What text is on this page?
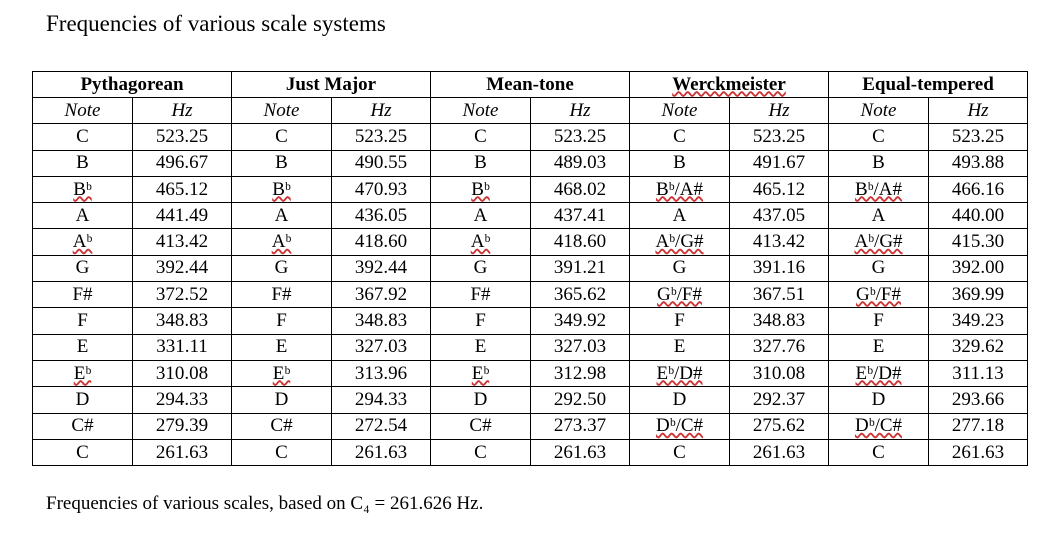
Frequencies of various scale systems
Pythagorean		Just Major		Mean-tone		Werckmeister		Equal-tempered	
Note	Hz	Note	Hz	Note	Hz	Note	Hz	Note	Hz
C	523.25	C	523.25	C	523.25	C	523.25	C	523.25
B	496.67	B	490.55	B	489.03	B	491.67	B	493.88
Bᵇ	465.12	Bᵇ	470.93	Bᵇ	468.02	Bᵇ/A#	465.12	Bᵇ/A#	466.16
A	441.49	A	436.05	A	437.41	A	437.05	A	440.00
Aᵇ	413.42	Aᵇ	418.60	Aᵇ	418.60	Aᵇ/G#	413.42	Aᵇ/G#	415.30
G	392.44	G	392.44	G	391.21	G	391.16	G	392.00
F#	372.52	F#	367.92	F#	365.62	Gᵇ/F#	367.51	Gᵇ/F#	369.99
F	348.83	F	348.83	F	349.92	F	348.83	F	349.23
E	331.11	E	327.03	E	327.03	E	327.76	E	329.62
Eᵇ	310.08	Eᵇ	313.96	Eᵇ	312.98	Eᵇ/D#	310.08	Eᵇ/D#	311.13
D	294.33	D	294.33	D	292.50	D	292.37	D	293.66
C#	279.39	C#	272.54	C#	273.37	Dᵇ/C#	275.62	Dᵇ/C#	277.18
C	261.63	C	261.63	C	261.63	C	261.63	C	261.63
Frequencies of various scales, based on C₄ = 261.626 Hz.
